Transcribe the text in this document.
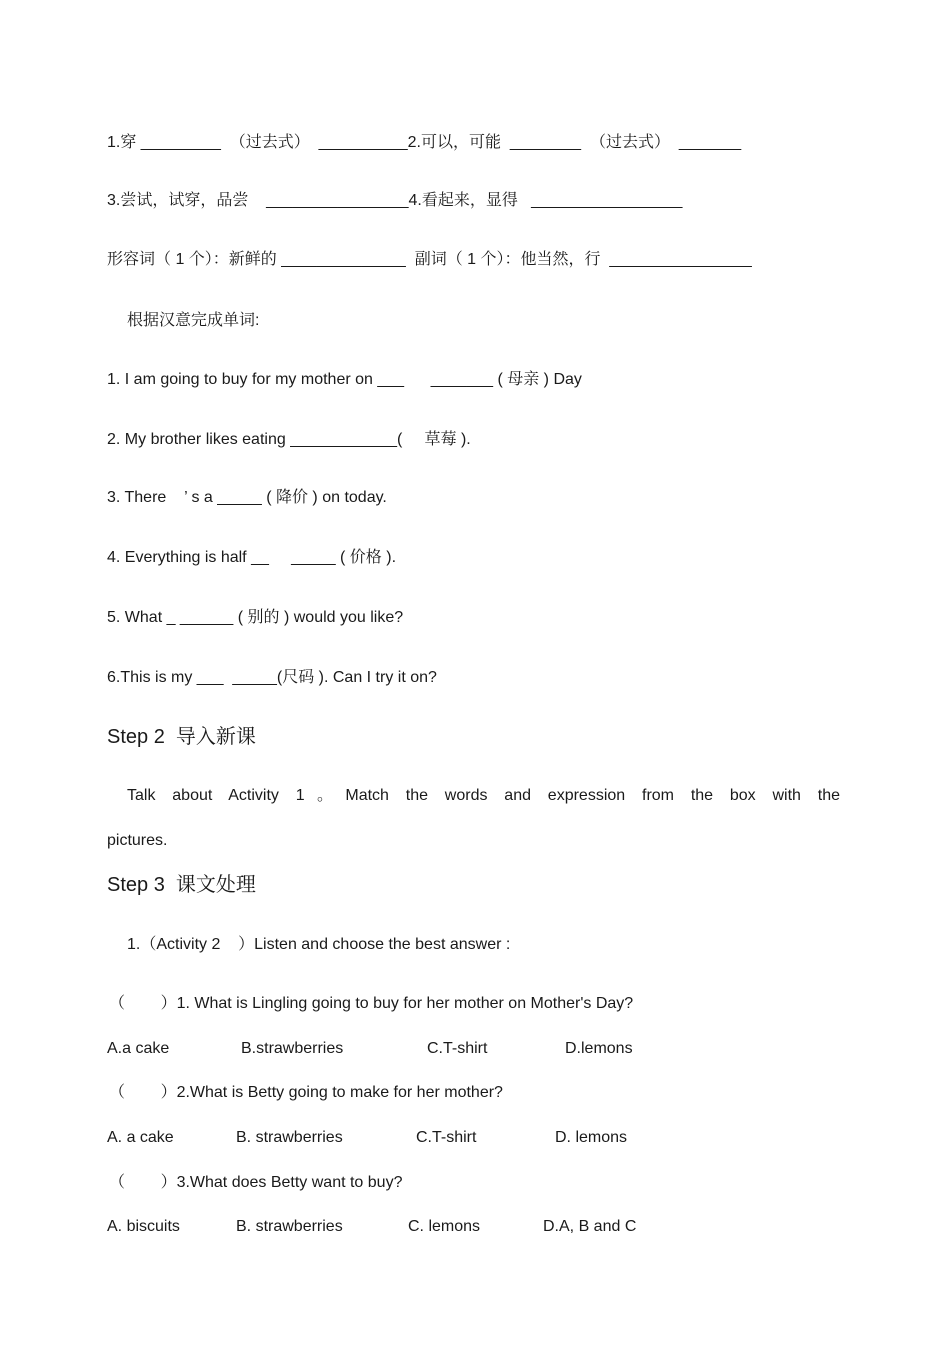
1.穿 _________  （过去式）  __________2.可以，可能  ________  （过去式）  _______
3.尝试，试穿，品尝    ________________4.看起来，显得   _________________
形容词（ 1 个）：新鲜的 ______________  副词（ 1 个）：他当然，行  ________________
根据汉意完成单词:
1. I am going to buy for my mother on ___      _______ ( 母亲 ) Day
2. My brother likes eating ____________(     草莓 ).
3. There    ’ s a _____ ( 降价 ) on today.
4. Everything is half __     _____ ( 价格 ).
5. What _ ______ ( 别的 ) would you like?
6.This is my ___  _____(尺码 ). Can I try it on?
Step 2  导入新课
Talk about Activity 1。Match the words and expression from the box with the
pictures.
Step 3  课文处理
1.（Activity 2    ）Listen and choose the best answer :
（        ）1. What is Lingling going to buy for her mother on Mother's Day?
A.a cake	B.strawberries	C.T-shirt	D.lemons
（        ）2.What is Betty going to make for her mother?
A. a cake	B. strawberries	C.T-shirt	D. lemons
（        ）3.What does Betty want to buy?
A. biscuits	B. strawberries	C. lemons	D.A, B and C
